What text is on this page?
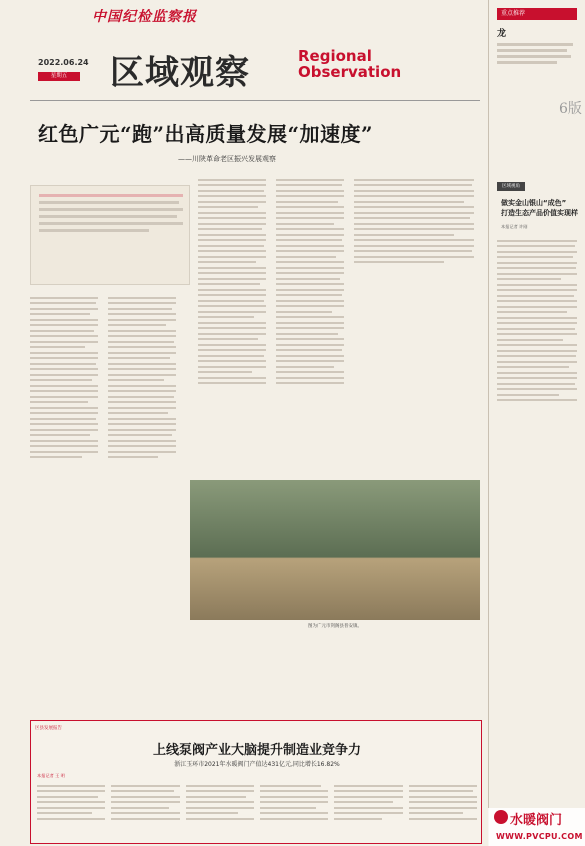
中国纪检监察报
2022.06.24
星期五	区域观察	Regional
Observation
重点推荐
龙
6版
区域视角
做实金山银山“成色”
打造生态产品价值实现样
本报记者 许刚
红色广元“跑”出高质量发展“加速度”
——川陕革命老区振兴发展观察
图为广元市剑阁县普安镇。
区县发展报告
上线泵阀产业大脑提升制造业竞争力
浙江玉环市2021年水暖阀门产值达431亿元,同比增长16.82%
本报记者 王 明
水暖阀门
WWW.PVCPU.COM
